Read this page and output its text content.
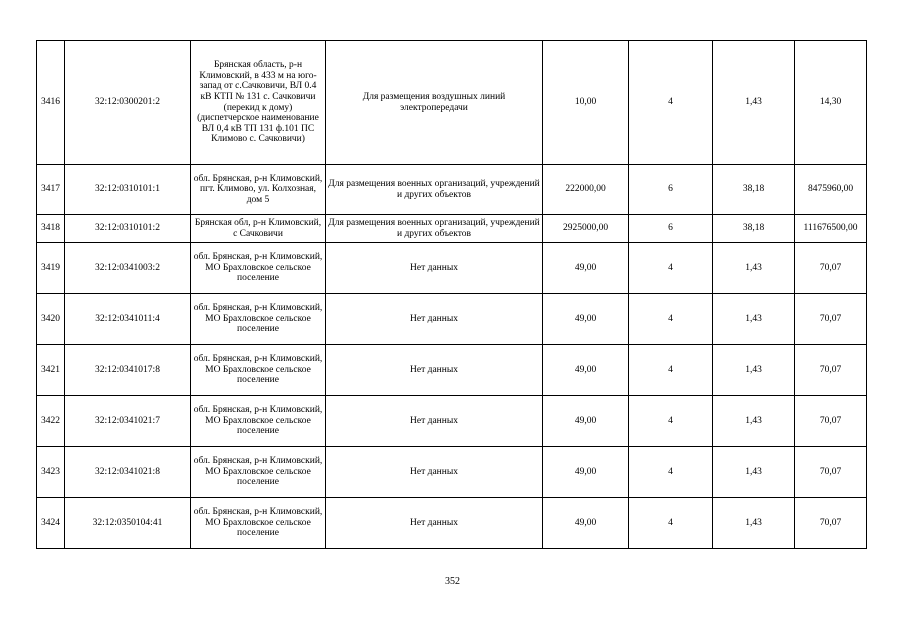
3416	32:12:0300201:2	Брянская область, р-н Климовский, в 433 м на юго-запад от с.Сачковичи, ВЛ 0.4 кВ КТП № 131 с. Сачковичи (перекид к дому) (диспетчерское наименование ВЛ 0,4 кВ ТП 131 ф.101 ПС Климово с. Сачковичи)	Для размещения воздушных линий электропередачи	10,00	4	1,43	14,30
3417	32:12:0310101:1	обл. Брянская, р-н Климовский, пгт. Климово, ул. Колхозная, дом 5	Для размещения военных организаций, учреждений и других объектов	222000,00	6	38,18	8475960,00
3418	32:12:0310101:2	Брянская обл, р-н Климовский, с Сачковичи	Для размещения военных организаций, учреждений и других объектов	2925000,00	6	38,18	111676500,00
3419	32:12:0341003:2	обл. Брянская, р-н Климовский, МО Брахловское сельское поселение	Нет данных	49,00	4	1,43	70,07
3420	32:12:0341011:4	обл. Брянская, р-н Климовский, МО Брахловское сельское поселение	Нет данных	49,00	4	1,43	70,07
3421	32:12:0341017:8	обл. Брянская, р-н Климовский, МО Брахловское сельское поселение	Нет данных	49,00	4	1,43	70,07
3422	32:12:0341021:7	обл. Брянская, р-н Климовский, МО Брахловское сельское поселение	Нет данных	49,00	4	1,43	70,07
3423	32:12:0341021:8	обл. Брянская, р-н Климовский, МО Брахловское сельское поселение	Нет данных	49,00	4	1,43	70,07
3424	32:12:0350104:41	обл. Брянская, р-н Климовский, МО Брахловское сельское поселение	Нет данных	49,00	4	1,43	70,07
352
